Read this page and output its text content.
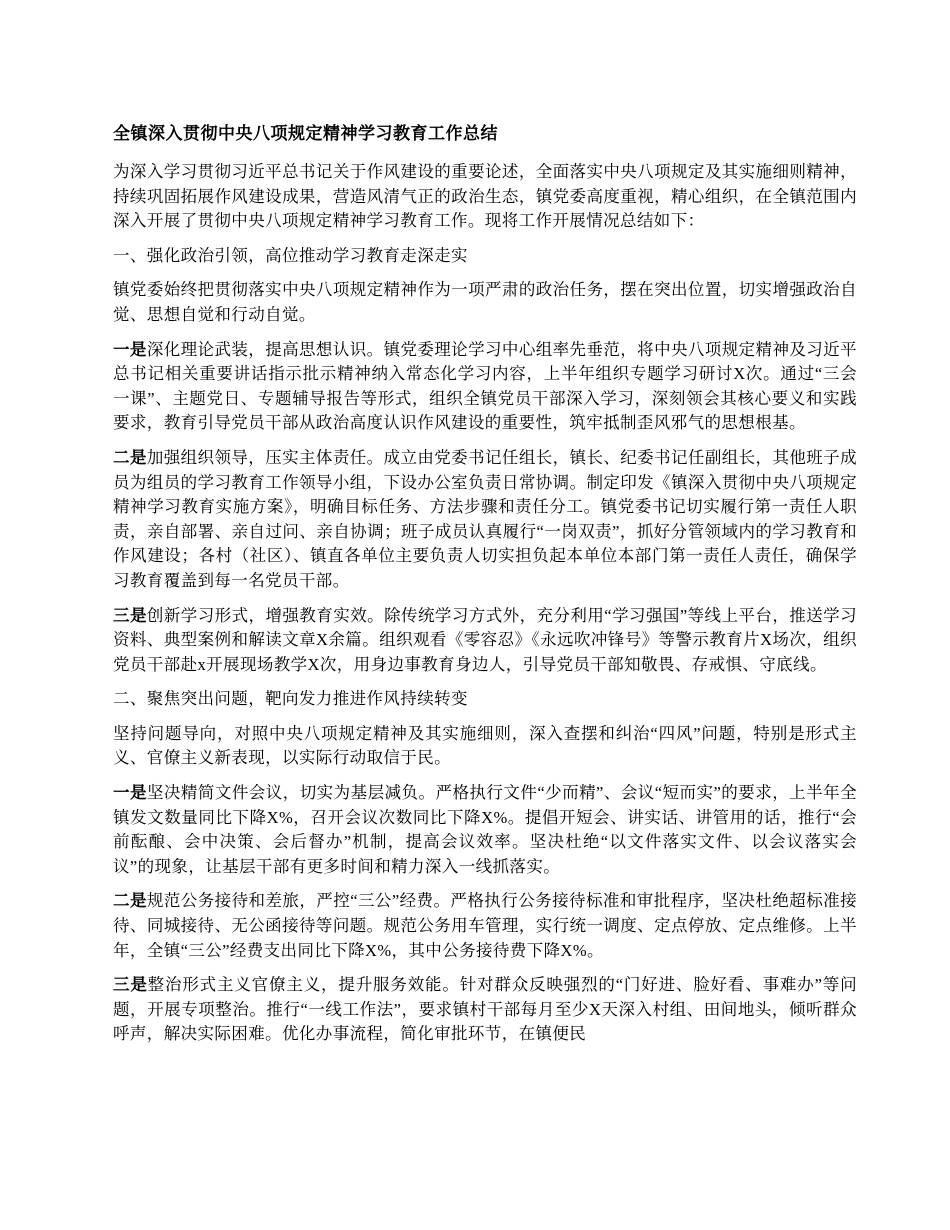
全镇深入贯彻中央八项规定精神学习教育工作总结

为深入学习贯彻习近平总书记关于作风建设的重要论述，全面落实中央八项规定及其实施细则精神，持续巩固拓展作风建设成果，营造风清气正的政治生态，镇党委高度重视，精心组织，在全镇范围内深入开展了贯彻中央八项规定精神学习教育工作。现将工作开展情况总结如下：

一、强化政治引领，高位推动学习教育走深走实

镇党委始终把贯彻落实中央八项规定精神作为一项严肃的政治任务，摆在突出位置，切实增强政治自觉、思想自觉和行动自觉。

一是深化理论武装，提高思想认识。镇党委理论学习中心组率先垂范，将中央八项规定精神及习近平总书记相关重要讲话指示批示精神纳入常态化学习内容，上半年组织专题学习研讨X次。通过“三会一课”、主题党日、专题辅导报告等形式，组织全镇党员干部深入学习，深刻领会其核心要义和实践要求，教育引导党员干部从政治高度认识作风建设的重要性，筑牢抵制歪风邪气的思想根基。

二是加强组织领导，压实主体责任。成立由党委书记任组长，镇长、纪委书记任副组长，其他班子成员为组员的学习教育工作领导小组，下设办公室负责日常协调。制定印发《镇深入贯彻中央八项规定精神学习教育实施方案》，明确目标任务、方法步骤和责任分工。镇党委书记切实履行第一责任人职责，亲自部署、亲自过问、亲自协调；班子成员认真履行“一岗双责”，抓好分管领域内的学习教育和作风建设；各村（社区）、镇直各单位主要负责人切实担负起本单位本部门第一责任人责任，确保学习教育覆盖到每一名党员干部。

三是创新学习形式，增强教育实效。除传统学习方式外，充分利用“学习强国”等线上平台，推送学习资料、典型案例和解读文章X余篇。组织观看《零容忍》《永远吹冲锋号》等警示教育片X场次，组织党员干部赴x开展现场教学X次，用身边事教育身边人，引导党员干部知敬畏、存戒惧、守底线。

二、聚焦突出问题，靶向发力推进作风持续转变

坚持问题导向，对照中央八项规定精神及其实施细则，深入查摆和纠治“四风”问题，特别是形式主义、官僚主义新表现，以实际行动取信于民。

一是坚决精简文件会议，切实为基层减负。严格执行文件“少而精”、会议“短而实”的要求，上半年全镇发文数量同比下降X%，召开会议次数同比下降X%。提倡开短会、讲实话、讲管用的话，推行“会前酝酿、会中决策、会后督办”机制，提高会议效率。坚决杜绝“以文件落实文件、以会议落实会议”的现象，让基层干部有更多时间和精力深入一线抓落实。

二是规范公务接待和差旅，严控“三公”经费。严格执行公务接待标准和审批程序，坚决杜绝超标准接待、同城接待、无公函接待等问题。规范公务用车管理，实行统一调度、定点停放、定点维修。上半年，全镇“三公”经费支出同比下降X%，其中公务接待费下降X%。

三是整治形式主义官僚主义，提升服务效能。针对群众反映强烈的“门好进、脸好看、事难办”等问题，开展专项整治。推行“一线工作法”，要求镇村干部每月至少X天深入村组、田间地头，倾听群众呼声，解决实际困难。优化办事流程，简化审批环节，在镇便民
